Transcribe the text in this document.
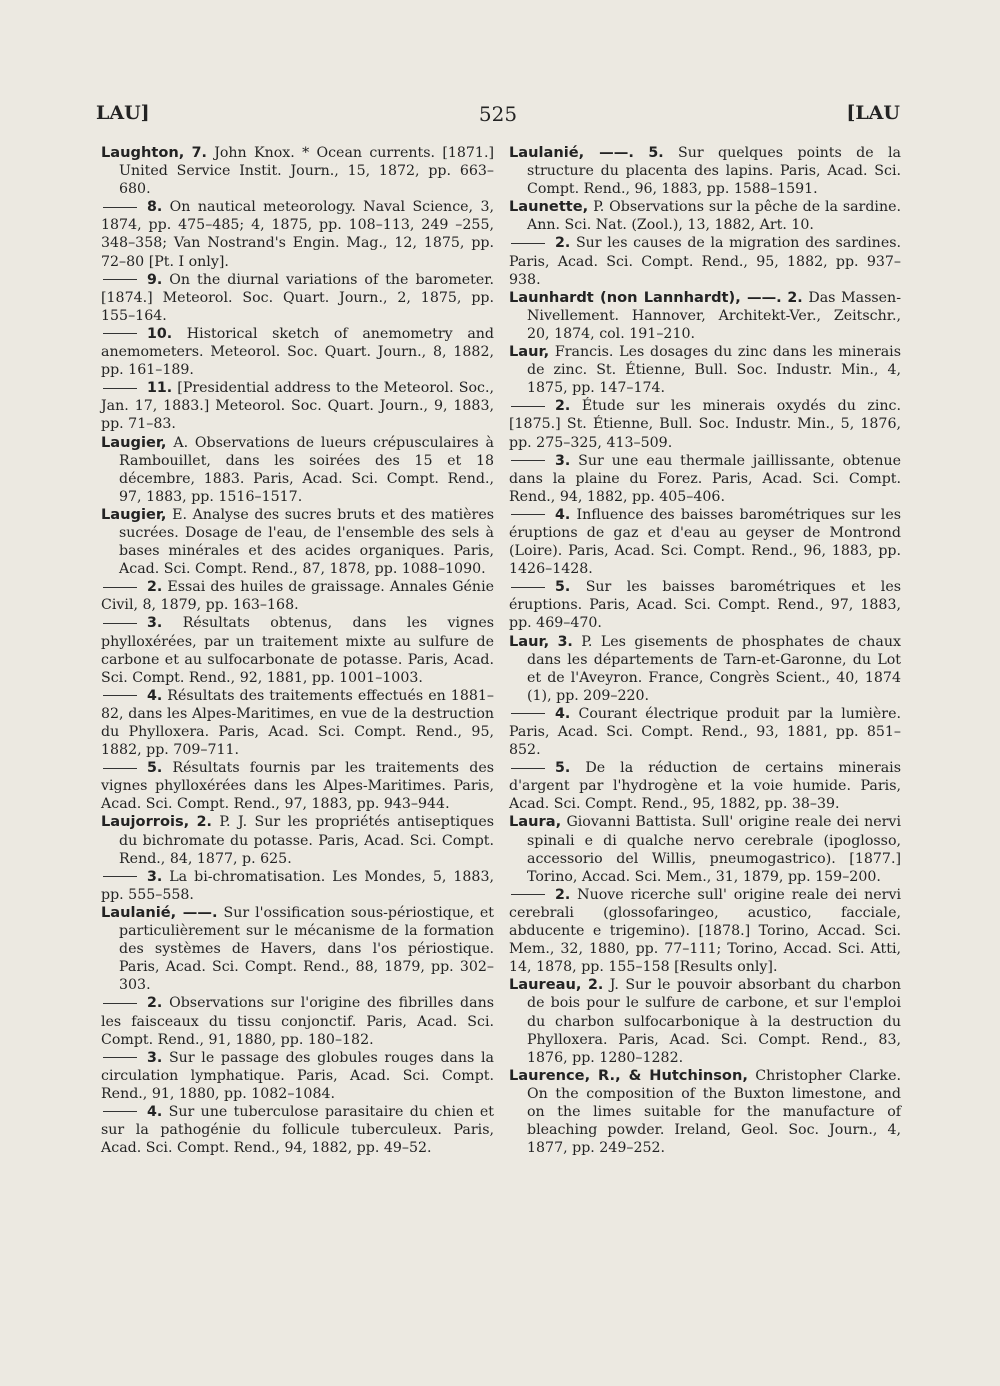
LAU]	525	[LAU

Laughton, 7. John Knox. * Ocean currents. [1871.] United Service Instit. Journ., 15, 1872, pp. 663–680.

8. On nautical meteorology. Naval Science, 3, 1874, pp. 475–485; 4, 1875, pp. 108–113, 249 –255, 348–358; Van Nostrand's Engin. Mag., 12, 1875, pp. 72–80 [Pt. I only].

9. On the diurnal variations of the barometer. [1874.] Meteorol. Soc. Quart. Journ., 2, 1875, pp. 155–164.

10. Historical sketch of anemometry and anemometers. Meteorol. Soc. Quart. Journ., 8, 1882, pp. 161–189.

11. [Presidential address to the Meteorol. Soc., Jan. 17, 1883.] Meteorol. Soc. Quart. Journ., 9, 1883, pp. 71–83.

Laugier, A. Observations de lueurs crépusculaires à Rambouillet, dans les soirées des 15 et 18 décembre, 1883. Paris, Acad. Sci. Compt. Rend., 97, 1883, pp. 1516–1517.

Laugier, E. Analyse des sucres bruts et des matières sucrées. Dosage de l'eau, de l'ensemble des sels à bases minérales et des acides organiques. Paris, Acad. Sci. Compt. Rend., 87, 1878, pp. 1088–1090.

2. Essai des huiles de graissage. Annales Génie Civil, 8, 1879, pp. 163–168.

3. Résultats obtenus, dans les vignes phylloxérées, par un traitement mixte au sulfure de carbone et au sulfocarbonate de potasse. Paris, Acad. Sci. Compt. Rend., 92, 1881, pp. 1001–1003.

4. Résultats des traitements effectués en 1881–82, dans les Alpes-Maritimes, en vue de la destruction du Phylloxera. Paris, Acad. Sci. Compt. Rend., 95, 1882, pp. 709–711.

5. Résultats fournis par les traitements des vignes phylloxérées dans les Alpes-Maritimes. Paris, Acad. Sci. Compt. Rend., 97, 1883, pp. 943–944.

Laujorrois, 2. P. J. Sur les propriétés antiseptiques du bichromate du potasse. Paris, Acad. Sci. Compt. Rend., 84, 1877, p. 625.

3. La bi-chromatisation. Les Mondes, 5, 1883, pp. 555–558.

Laulanié, ——. Sur l'ossification sous-périostique, et particulièrement sur le mécanisme de la formation des systèmes de Havers, dans l'os périostique. Paris, Acad. Sci. Compt. Rend., 88, 1879, pp. 302–303.

2. Observations sur l'origine des fibrilles dans les faisceaux du tissu conjonctif. Paris, Acad. Sci. Compt. Rend., 91, 1880, pp. 180–182.

3. Sur le passage des globules rouges dans la circulation lymphatique. Paris, Acad. Sci. Compt. Rend., 91, 1880, pp. 1082–1084.

4. Sur une tuberculose parasitaire du chien et sur la pathogénie du follicule tuberculeux. Paris, Acad. Sci. Compt. Rend., 94, 1882, pp. 49–52.

Laulanié, ——. 5. Sur quelques points de la structure du placenta des lapins. Paris, Acad. Sci. Compt. Rend., 96, 1883, pp. 1588–1591.

Launette, P. Observations sur la pêche de la sardine. Ann. Sci. Nat. (Zool.), 13, 1882, Art. 10.

2. Sur les causes de la migration des sardines. Paris, Acad. Sci. Compt. Rend., 95, 1882, pp. 937–938.

Launhardt (non Lannhardt), ——. 2. Das Massen-Nivellement. Hannover, Architekt-Ver., Zeitschr., 20, 1874, col. 191–210.

Laur, Francis. Les dosages du zinc dans les minerais de zinc. St. Étienne, Bull. Soc. Industr. Min., 4, 1875, pp. 147–174.

2. Étude sur les minerais oxydés du zinc. [1875.] St. Étienne, Bull. Soc. Industr. Min., 5, 1876, pp. 275–325, 413–509.

3. Sur une eau thermale jaillissante, obtenue dans la plaine du Forez. Paris, Acad. Sci. Compt. Rend., 94, 1882, pp. 405–406.

4. Influence des baisses barométriques sur les éruptions de gaz et d'eau au geyser de Montrond (Loire). Paris, Acad. Sci. Compt. Rend., 96, 1883, pp. 1426–1428.

5. Sur les baisses barométriques et les éruptions. Paris, Acad. Sci. Compt. Rend., 97, 1883, pp. 469–470.

Laur, 3. P. Les gisements de phosphates de chaux dans les départements de Tarn-et-Garonne, du Lot et de l'Aveyron. France, Congrès Scient., 40, 1874 (1), pp. 209–220.

4. Courant électrique produit par la lumière. Paris, Acad. Sci. Compt. Rend., 93, 1881, pp. 851–852.

5. De la réduction de certains minerais d'argent par l'hydrogène et la voie humide. Paris, Acad. Sci. Compt. Rend., 95, 1882, pp. 38–39.

Laura, Giovanni Battista. Sull' origine reale dei nervi spinali e di qualche nervo cerebrale (ipoglosso, accessorio del Willis, pneumogastrico). [1877.] Torino, Accad. Sci. Mem., 31, 1879, pp. 159–200.

2. Nuove ricerche sull' origine reale dei nervi cerebrali (glossofaringeo, acustico, facciale, abducente e trigemino). [1878.] Torino, Accad. Sci. Mem., 32, 1880, pp. 77–111; Torino, Accad. Sci. Atti, 14, 1878, pp. 155–158 [Results only].

Laureau, 2. J. Sur le pouvoir absorbant du charbon de bois pour le sulfure de carbone, et sur l'emploi du charbon sulfocarbonique à la destruction du Phylloxera. Paris, Acad. Sci. Compt. Rend., 83, 1876, pp. 1280–1282.

Laurence, R., & Hutchinson, Christopher Clarke. On the composition of the Buxton limestone, and on the limes suitable for the manufacture of bleaching powder. Ireland, Geol. Soc. Journ., 4, 1877, pp. 249–252.
